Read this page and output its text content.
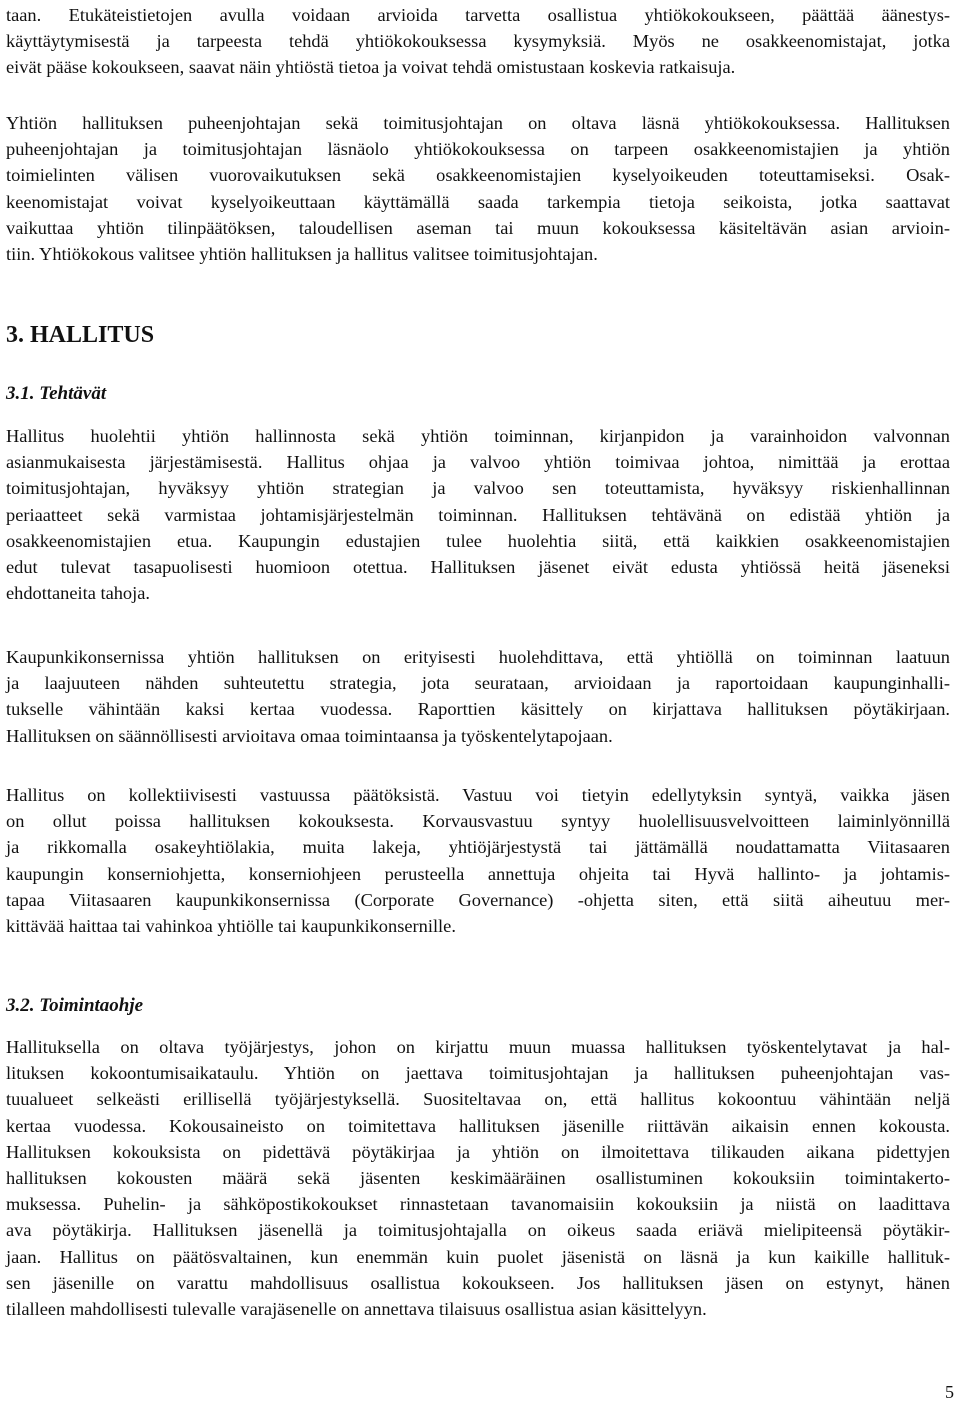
taan. Etukäteistietojen avulla voidaan arvioida tarvetta osallistua yhtiökokoukseen, päättää äänestys-
käyttäytymisestä ja tarpeesta tehdä yhtiökokouksessa kysymyksiä. Myös ne osakkeenomistajat, jotka
eivät pääse kokoukseen, saavat näin yhtiöstä tietoa ja voivat tehdä omistustaan koskevia ratkaisuja.
Yhtiön hallituksen puheenjohtajan sekä toimitusjohtajan on oltava läsnä yhtiökokouksessa. Hallituksen
puheenjohtajan ja toimitusjohtajan läsnäolo yhtiökokouksessa on tarpeen osakkeenomistajien ja yhtiön
toimielinten välisen vuorovaikutuksen sekä osakkeenomistajien kyselyoikeuden toteuttamiseksi. Osak-
keenomistajat voivat kyselyoikeuttaan käyttämällä saada tarkempia tietoja seikoista, jotka saattavat
vaikuttaa yhtiön tilinpäätöksen, taloudellisen aseman tai muun kokouksessa käsiteltävän asian arvioin-
tiin. Yhtiökokous valitsee yhtiön hallituksen ja hallitus valitsee toimitusjohtajan.
3. HALLITUS
3.1. Tehtävät
Hallitus huolehtii yhtiön hallinnosta sekä yhtiön toiminnan, kirjanpidon ja varainhoidon valvonnan
asianmukaisesta järjestämisestä. Hallitus ohjaa ja valvoo yhtiön toimivaa johtoa, nimittää ja erottaa
toimitusjohtajan, hyväksyy yhtiön strategian ja valvoo sen toteuttamista, hyväksyy riskienhallinnan
periaatteet sekä varmistaa johtamisjärjestelmän toiminnan. Hallituksen tehtävänä on edistää yhtiön ja
osakkeenomistajien etua. Kaupungin edustajien tulee huolehtia siitä, että kaikkien osakkeenomistajien
edut tulevat tasapuolisesti huomioon otettua. Hallituksen jäsenet eivät edusta yhtiössä heitä jäseneksi
ehdottaneita tahoja.
Kaupunkikonsernissa yhtiön hallituksen on erityisesti huolehdittava, että yhtiöllä on toiminnan laatuun
ja laajuuteen nähden suhteutettu strategia, jota seurataan, arvioidaan ja raportoidaan kaupunginhalli-
tukselle vähintään kaksi kertaa vuodessa. Raporttien käsittely on kirjattava hallituksen pöytäkirjaan.
Hallituksen on säännöllisesti arvioitava omaa toimintaansa ja työskentelytapojaan.
Hallitus on kollektiivisesti vastuussa päätöksistä. Vastuu voi tietyin edellytyksin syntyä, vaikka jäsen
on ollut poissa hallituksen kokouksesta. Korvausvastuu syntyy huolellisuusvelvoitteen laiminlyönnillä
ja rikkomalla osakeyhtiölakia, muita lakeja, yhtiöjärjestystä tai jättämällä noudattamatta Viitasaaren
kaupungin konserniohjetta, konserniohjeen perusteella annettuja ohjeita tai Hyvä hallinto- ja johtamis-
tapaa Viitasaaren kaupunkikonsernissa (Corporate Governance) -ohjetta siten, että siitä aiheutuu mer-
kittävää haittaa tai vahinkoa yhtiölle tai kaupunkikonsernille.
3.2. Toimintaohje
Hallituksella on oltava työjärjestys, johon on kirjattu muun muassa hallituksen työskentelytavat ja hal-
lituksen kokoontumisaikataulu. Yhtiön on jaettava toimitusjohtajan ja hallituksen puheenjohtajan vas-
tuualueet selkeästi erillisellä työjärjestyksellä. Suositeltavaa on, että hallitus kokoontuu vähintään neljä
kertaa vuodessa. Kokousaineisto on toimitettava hallituksen jäsenille riittävän aikaisin ennen kokousta.
Hallituksen kokouksista on pidettävä pöytäkirjaa ja yhtiön on ilmoitettava tilikauden aikana pidettyjen
hallituksen kokousten määrä sekä jäsenten keskimääräinen osallistuminen kokouksiin toimintakerto-
muksessa. Puhelin- ja sähköpostikokoukset rinnastetaan tavanomaisiin kokouksiin ja niistä on laadittava
ava pöytäkirja. Hallituksen jäsenellä ja toimitusjohtajalla on oikeus saada eriävä mielipiteensä pöytäkir-
jaan. Hallitus on päätösvaltainen, kun enemmän kuin puolet jäsenistä on läsnä ja kun kaikille hallituk-
sen jäsenille on varattu mahdollisuus osallistua kokoukseen. Jos hallituksen jäsen on estynyt, hänen
tilalleen mahdollisesti tulevalle varajäsenelle on annettava tilaisuus osallistua asian käsittelyyn.
5
